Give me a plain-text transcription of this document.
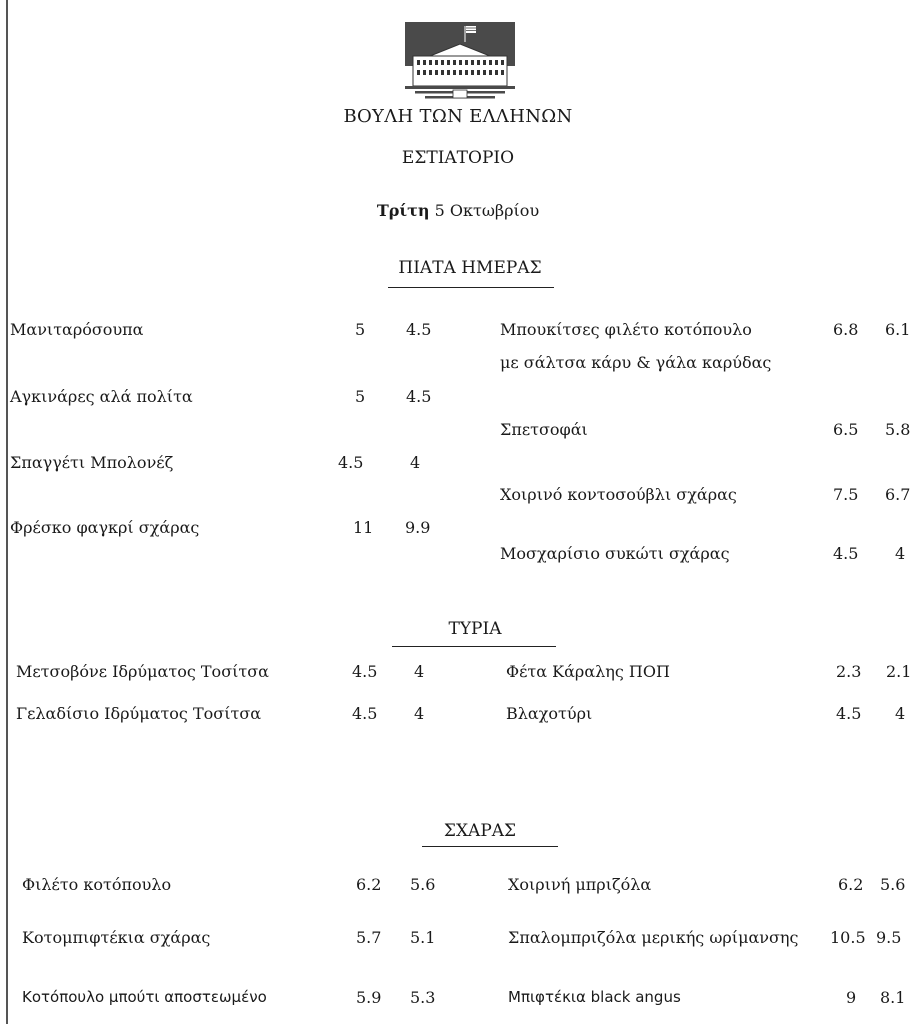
ΒΟΥΛΗ ΤΩΝ ΕΛΛΗΝΩΝ
ΕΣΤΙΑΤΟΡΙΟ
Τρίτη 5 Οκτωβρίου
ΠΙΑΤΑ ΗΜΕΡΑΣ
Μανιταρόσουπα	5	4.5
Αγκινάρες αλά πολίτα	5	4.5
Σπαγγέτι Μπολονέζ	4.5	4
Φρέσκο φαγκρί σχάρας	11 9.9
Μπουκίτσες φιλέτο κοτόπουλο
με σάλτσα κάρυ & γάλα καρύδας
6.8 6.1
Σπετσοφάι	6.5 5.8
Χοιρινό κοντοσούβλι σχάρας	7.5 6.7
Μοσχαρίσιο συκώτι σχάρας	4.5 4
ΤΥΡΙΑ
Μετσοβόνε Ιδρύματος Τοσίτσα	4.5 4
Γελαδίσιο Ιδρύματος Τοσίτσα	4.5 4
Φέτα Κάραλης ΠΟΠ	2.3 2.1
Βλαχοτύρι	4.5 4
ΣΧΑΡΑΣ
Φιλέτο κοτόπουλο	6.2 5.6
Κοτομπιφτέκια σχάρας	5.7 5.1
Κοτόπουλο μπούτι αποστεωμένο	5.9 5.3
Χοιρινή μπριζόλα	6.2 5.6
Σπαλομπριζόλα μερικής ωρίμανσης 10.5 9.5
Μπιφτέκια black angus	9 8.1
